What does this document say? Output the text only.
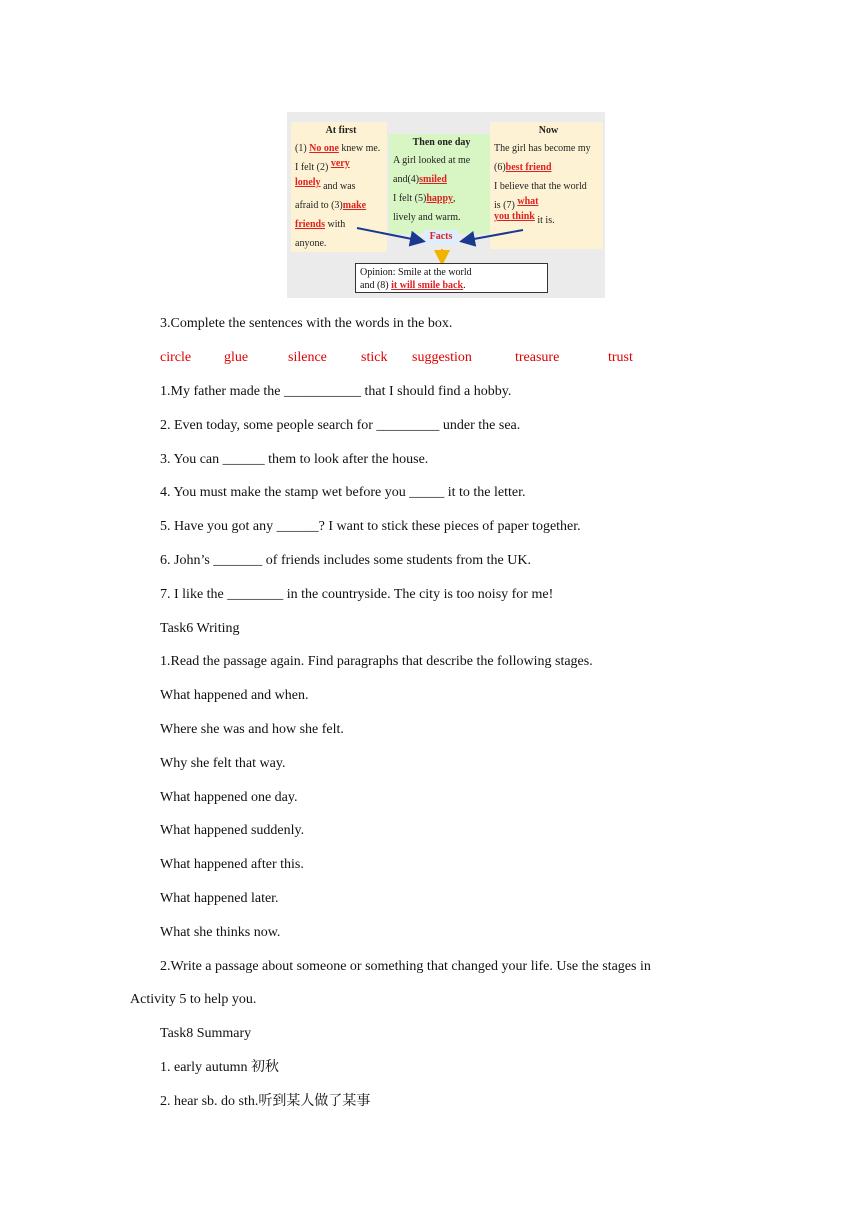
At first
(1) No one knew me.
I felt (2) very
lonely and was
afraid to (3)make
friends with
anyone.
Then one day
A girl looked at me
and(4)smiled
I felt (5)happy,
lively and warm.
Now
The girl has become my
(6)best friend
I believe that the world
is (7) what
you think it is.
Facts
Opinion: Smile at the world
and (8) it will smile back.
3.Complete the sentences with the words in the box.
circle glue	silence stick suggestion	treasure	trust
1.My father made the ___________ that I should find a hobby.
2. Even today, some people search for _________ under the sea.
3. You can ______ them to look after the house.
4. You must make the stamp wet before you _____ it to the letter.
5. Have you got any ______? I want to stick these pieces of paper together.
6. John’s _______ of friends includes some students from the UK.
7. I like the ________ in the countryside. The city is too noisy for me!
Task6 Writing
1.Read the passage again. Find paragraphs that describe the following stages.
What happened and when.
Where she was and how she felt.
Why she felt that way.
What happened one day.
What happened suddenly.
What happened after this.
What happened later.
What she thinks now.
2.Write a passage about someone or something that changed your life. Use the stages in
Activity 5 to help you.
Task8 Summary
1. early autumn 初秋
2. hear sb. do sth.听到某人做了某事
